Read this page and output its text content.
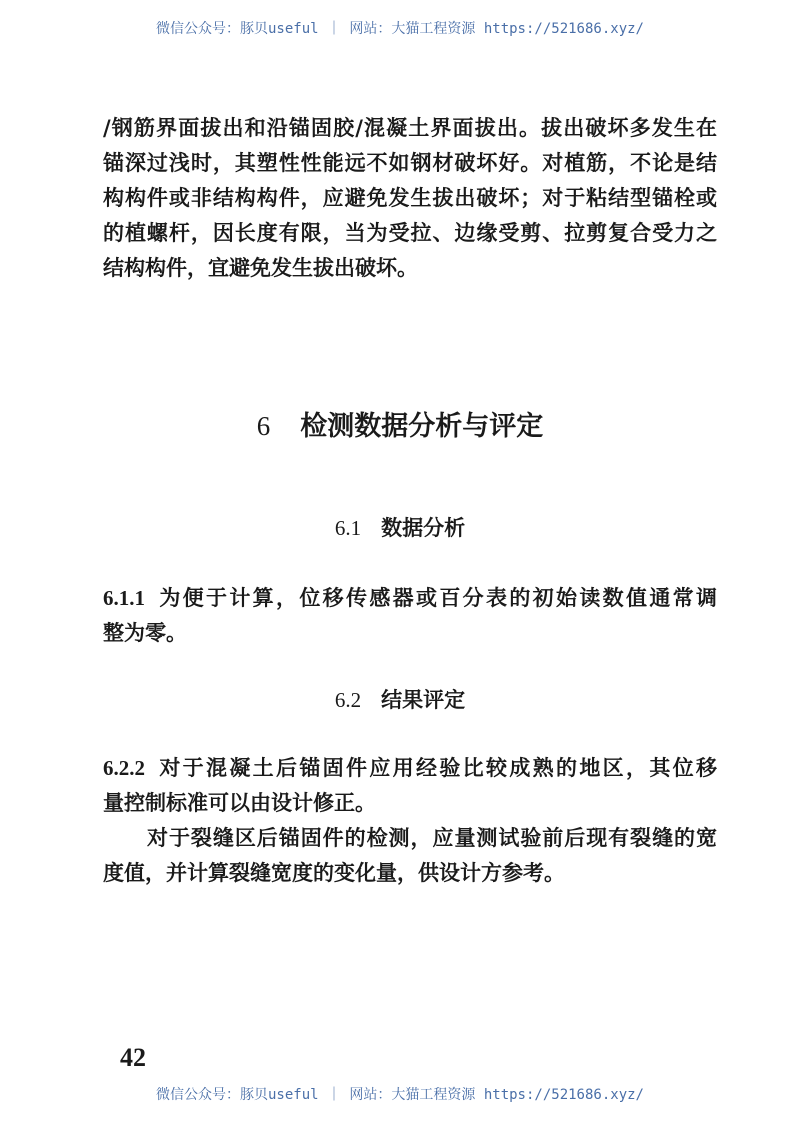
微信公众号：豚贝useful ｜ 网站：大猫工程资源 https://521686.xyz/
/钢筋界面拔出和沿锚固胶/混凝土界面拔出。拔出破坏多发生在
锚深过浅时，其塑性性能远不如钢材破坏好。对植筋，不论是结
构构件或非结构构件，应避免发生拔出破坏；对于粘结型锚栓或
的植螺杆，因长度有限，当为受拉、边缘受剪、拉剪复合受力之
结构构件，宜避免发生拔出破坏。
6 检测数据分析与评定
6.1 数据分析
6.1.1 为便于计算，位移传感器或百分表的初始读数值通常调
整为零。
6.2 结果评定
6.2.2 对于混凝土后锚固件应用经验比较成熟的地区，其位移
量控制标准可以由设计修正。
对于裂缝区后锚固件的检测，应量测试验前后现有裂缝的宽
度值，并计算裂缝宽度的变化量，供设计方参考。
42
微信公众号：豚贝useful ｜ 网站：大猫工程资源 https://521686.xyz/
